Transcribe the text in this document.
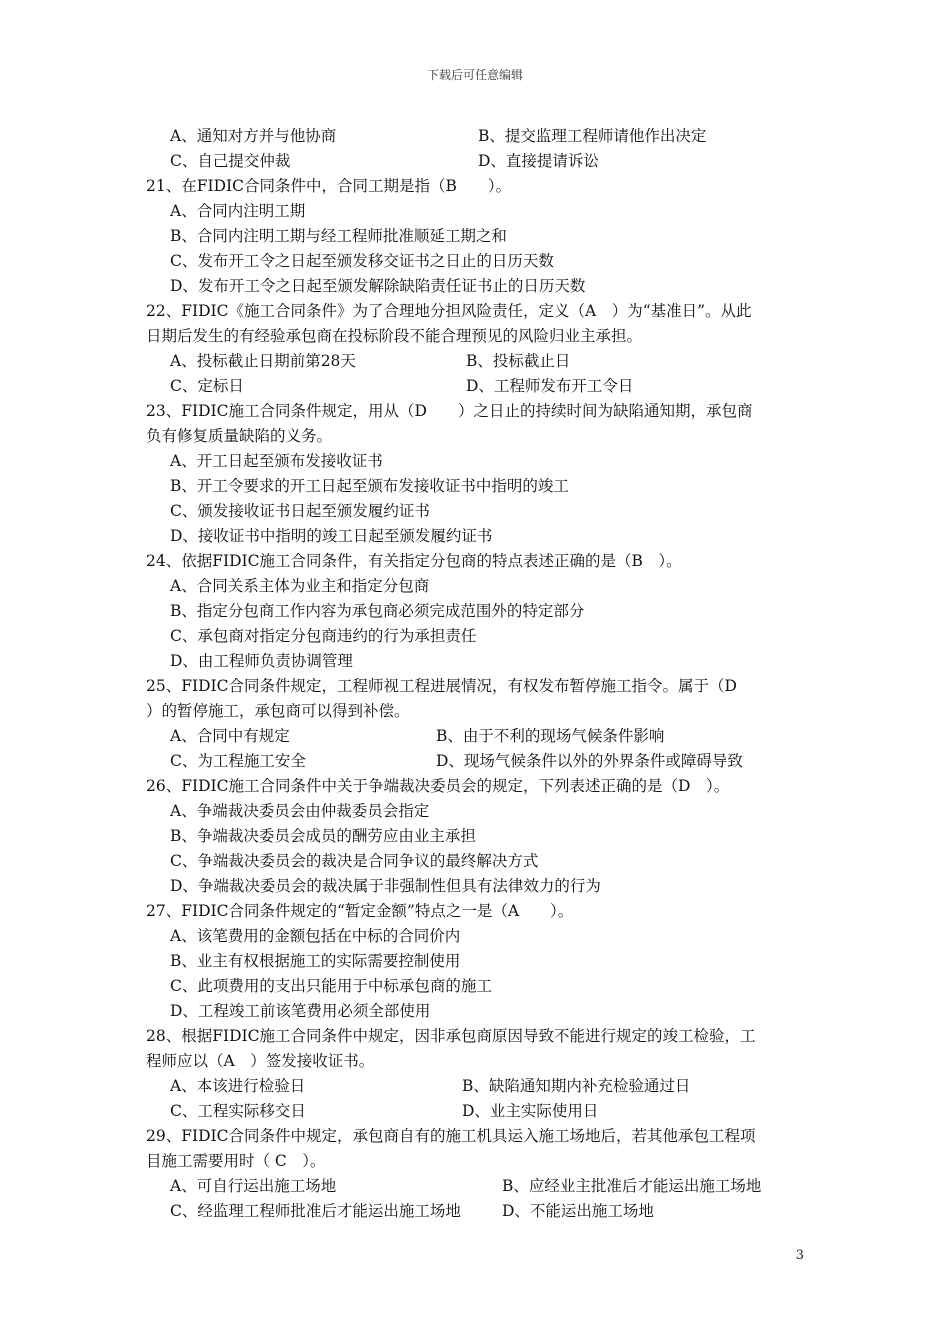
下载后可任意编辑
A、通知对方并与他协商	B、提交监理工程师请他作出决定
C、自己提交仲裁	D、直接提请诉讼
21、在FIDIC合同条件中，合同工期是指（B　　）。
A、合同内注明工期
B、合同内注明工期与经工程师批准顺延工期之和
C、发布开工令之日起至颁发移交证书之日止的日历天数
D、发布开工令之日起至颁发解除缺陷责任证书止的日历天数
22、FIDIC《施工合同条件》为了合理地分担风险责任，定义（A　）为“基准日”。从此
日期后发生的有经验承包商在投标阶段不能合理预见的风险归业主承担。
A、投标截止日期前第28天	B、投标截止日
C、定标日	D、工程师发布开工令日
23、FIDIC施工合同条件规定，用从（D　　）之日止的持续时间为缺陷通知期，承包商
负有修复质量缺陷的义务。
A、开工日起至颁布发接收证书
B、开工令要求的开工日起至颁布发接收证书中指明的竣工
C、颁发接收证书日起至颁发履约证书
D、接收证书中指明的竣工日起至颁发履约证书
24、依据FIDIC施工合同条件，有关指定分包商的特点表述正确的是（B　）。
A、合同关系主体为业主和指定分包商
B、指定分包商工作内容为承包商必须完成范围外的特定部分
C、承包商对指定分包商违约的行为承担责任
D、由工程师负责协调管理
25、FIDIC合同条件规定，工程师视工程进展情况，有权发布暂停施工指令。属于（D
）的暂停施工，承包商可以得到补偿。
A、合同中有规定	B、由于不利的现场气候条件影响
C、为工程施工安全	D、现场气候条件以外的外界条件或障碍导致
26、FIDIC施工合同条件中关于争端裁决委员会的规定，下列表述正确的是（D　）。
A、争端裁决委员会由仲裁委员会指定
B、争端裁决委员会成员的酬劳应由业主承担
C、争端裁决委员会的裁决是合同争议的最终解决方式
D、争端裁决委员会的裁决属于非强制性但具有法律效力的行为
27、FIDIC合同条件规定的“暂定金额”特点之一是（A　　）。
A、该笔费用的金额包括在中标的合同价内
B、业主有权根据施工的实际需要控制使用
C、此项费用的支出只能用于中标承包商的施工
D、工程竣工前该笔费用必须全部使用
28、根据FIDIC施工合同条件中规定，因非承包商原因导致不能进行规定的竣工检验，工
程师应以（A　）签发接收证书。
A、本该进行检验日	B、缺陷通知期内补充检验通过日
C、工程实际移交日	D、业主实际使用日
29、FIDIC合同条件中规定，承包商自有的施工机具运入施工场地后，若其他承包工程项
目施工需要用时（ C　）。
A、可自行运出施工场地	B、应经业主批准后才能运出施工场地
C、经监理工程师批准后才能运出施工场地	D、不能运出施工场地
3
